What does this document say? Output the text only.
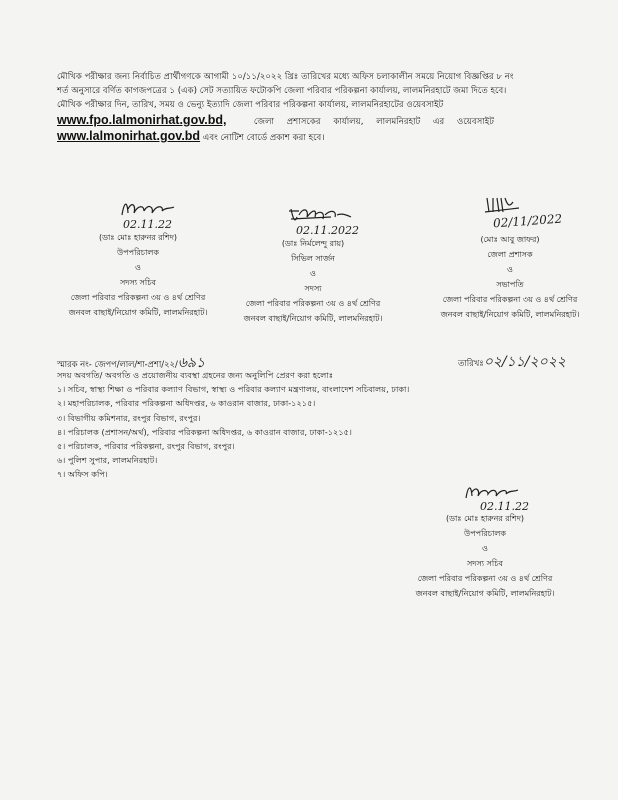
মৌখিক পরীক্ষার জন্য নির্বাচিত প্রার্থীগণকে আগামী ১০/১১/২০২২ খ্রিঃ তারিখের মধ্যে অফিস চলাকালীন সময়ে নিয়োগ বিজ্ঞপ্তির ৮ নং
শর্ত অনুসারে বর্ণিত কাগজপত্রের ১ (এক) সেট সত্যায়িত ফটোকপি জেলা পরিবার পরিকল্পনা কার্যালয়, লালমনিরহাটে জমা দিতে হবে।
মৌখিক পরীক্ষার দিন, তারিখ, সময় ও ভেন্যু ইত্যাদি জেলা পরিবার পরিকল্পনা কার্যালয়, লালমনিরহাটের ওয়েবসাইট
www.fpo.lalmonirhat.gov.bd,	জেলা প্রশাসকের কার্যালয়, লালমনিরহাট এর ওয়েবসাইট
www.lalmonirhat.gov.bd এবং নোটিশ বোর্ডে প্রকাশ করা হবে।
02.11.22
(ডাঃ মোঃ হারুনর রশিদ)
উপপরিচালক
ও
সদস্য সচিব
জেলা পরিবার পরিকল্পনা ৩য় ও ৪র্থ শ্রেণির
জনবল বাছাই/নিয়োগ কমিটি, লালমনিরহাট।
02.11.2022
(ডাঃ নির্মলেন্দু রায়)
সিভিল সার্জন
ও
সদস্য
জেলা পরিবার পরিকল্পনা ৩য় ও ৪র্থ শ্রেণির
জনবল বাছাই/নিয়োগ কমিটি, লালমনিরহাট।
02/11/2022
(মোঃ আবু জাফর)
জেলা প্রশাসক
ও
সভাপতি
জেলা পরিবার পরিকল্পনা ৩য় ও ৪র্থ শ্রেণির
জনবল বাছাই/নিয়োগ কমিটি, লালমনিরহাট।
স্মারক নং- জেপপ/লাল/শা-প্রশা/২২/৬৯১	তারিখঃ০২/১১/২০২২
সদয় অবগতি/ অবগতি ও প্রয়োজনীয় ব্যবস্থা গ্রহনের জন্য অনুলিপি প্রেরণ করা হলোঃ
১। সচিব, স্বাস্থ্য শিক্ষা ও পরিবার কল্যাণ বিভাগ, স্বাস্থ্য ও পরিবার কল্যাণ মন্ত্রণালয়, বাংলাদেশ সচিবালয়, ঢাকা।
২। মহাপরিচালক, পরিবার পরিকল্পনা অধিদপ্তর, ৬ কাওরান বাজার, ঢাকা-১২১৫।
৩। বিভাগীয় কমিশনার, রংপুর বিভাগ, রংপুর।
৪। পরিচালক (প্রশাসন/অর্থ), পরিবার পরিকল্পনা অধিদপ্তর, ৬ কাওরান বাজার, ঢাকা-১২১৫।
৫। পরিচালক, পরিবার পরিকল্পনা, রংপুর বিভাগ, রংপুর।
৬। পুলিশ সুপার, লালমনিরহাট।
৭। অফিস কপি।
02.11.22
(ডাঃ মোঃ হারুনর রশিদ)
উপপরিচালক
ও
সদস্য সচিব
জেলা পরিবার পরিকল্পনা ৩য় ও ৪র্থ শ্রেণির
জনবল বাছাই/নিয়োগ কমিটি, লালমনিরহাট।
